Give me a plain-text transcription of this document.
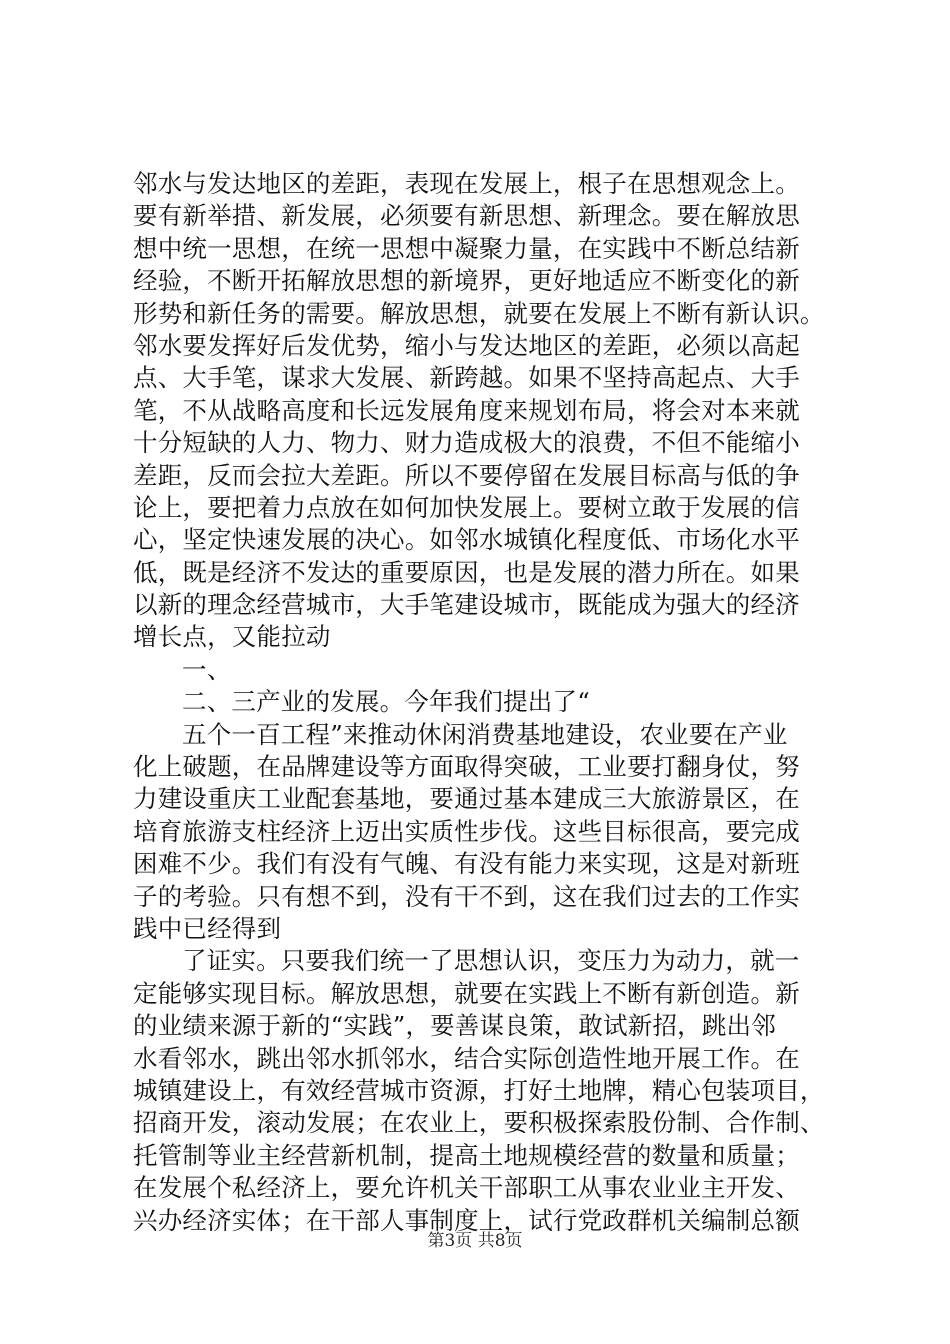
邻水与发达地区的差距，表现在发展上，根子在思想观念上。
要有新举措、新发展，必须要有新思想、新理念。要在解放思
想中统一思想，在统一思想中凝聚力量，在实践中不断总结新
经验，不断开拓解放思想的新境界，更好地适应不断变化的新
形势和新任务的需要。解放思想，就要在发展上不断有新认识。
邻水要发挥好后发优势，缩小与发达地区的差距，必须以高起
点、大手笔，谋求大发展、新跨越。如果不坚持高起点、大手
笔，不从战略高度和长远发展角度来规划布局，将会对本来就
十分短缺的人力、物力、财力造成极大的浪费，不但不能缩小
差距，反而会拉大差距。所以不要停留在发展目标高与低的争
论上，要把着力点放在如何加快发展上。要树立敢于发展的信
心，坚定快速发展的决心。如邻水城镇化程度低、市场化水平
低，既是经济不发达的重要原因，也是发展的潜力所在。如果
以新的理念经营城市，大手笔建设城市，既能成为强大的经济
增长点，又能拉动
一、
二、三产业的发展。今年我们提出了“
五个一百工程”来推动休闲消费基地建设，农业要在产业
化上破题，在品牌建设等方面取得突破，工业要打翻身仗，努
力建设重庆工业配套基地，要通过基本建成三大旅游景区，在
培育旅游支柱经济上迈出实质性步伐。这些目标很高，要完成
困难不少。我们有没有气魄、有没有能力来实现，这是对新班
子的考验。只有想不到，没有干不到，这在我们过去的工作实
践中已经得到
了证实。只要我们统一了思想认识，变压力为动力，就一
定能够实现目标。解放思想，就要在实践上不断有新创造。新
的业绩来源于新的“实践”，要善谋良策，敢试新招，跳出邻
水看邻水，跳出邻水抓邻水，结合实际创造性地开展工作。在
城镇建设上，有效经营城市资源，打好土地牌，精心包装项目，
招商开发，滚动发展；在农业上，要积极探索股份制、合作制、
托管制等业主经营新机制，提高土地规模经营的数量和质量；
在发展个私经济上，要允许机关干部职工从事农业业主开发、
兴办经济实体；在干部人事制度上，试行党政群机关编制总额
第3页 共8页
